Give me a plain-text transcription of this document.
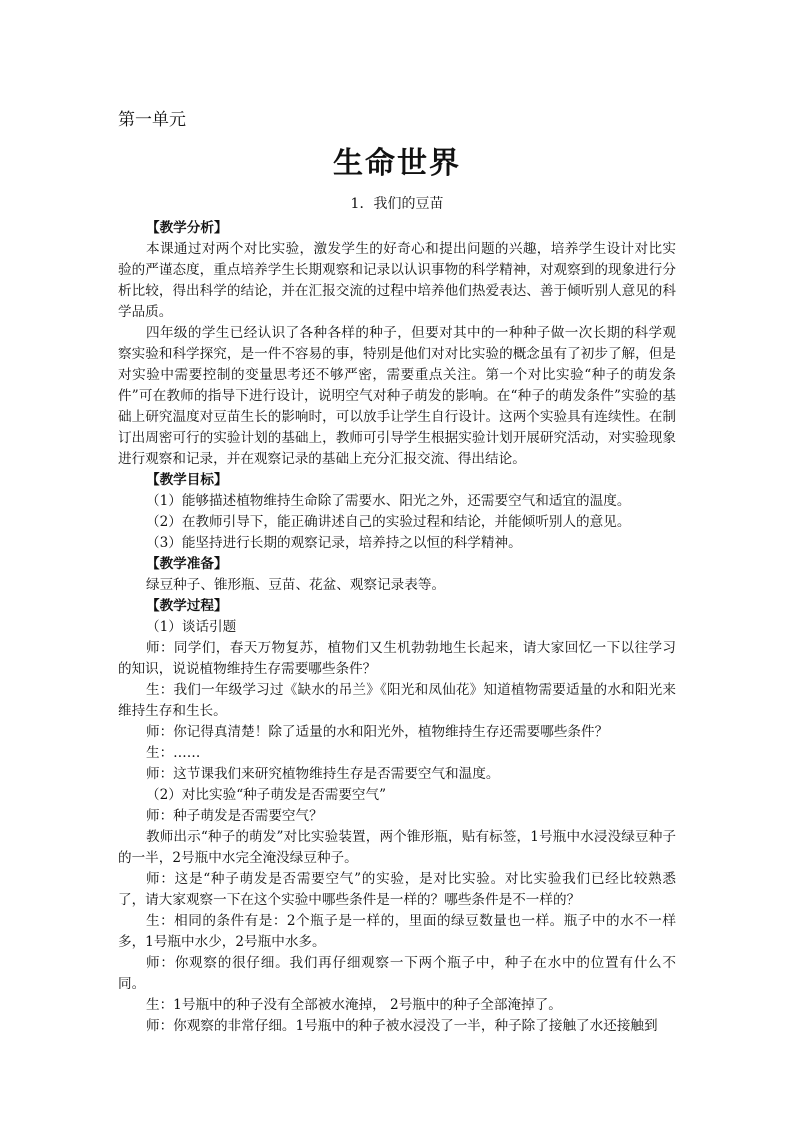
第一单元
生命世界
1．我们的豆苗

【教学分析】

本课通过对两个对比实验，激发学生的好奇心和提出问题的兴趣，培养学生设计对比实验的严谨态度，重点培养学生长期观察和记录以认识事物的科学精神，对观察到的现象进行分析比较，得出科学的结论，并在汇报交流的过程中培养他们热爱表达、善于倾听别人意见的科学品质。

四年级的学生已经认识了各种各样的种子，但要对其中的一种种子做一次长期的科学观察实验和科学探究，是一件不容易的事，特别是他们对对比实验的概念虽有了初步了解，但是对实验中需要控制的变量思考还不够严密，需要重点关注。第一个对比实验“种子的萌发条件”可在教师的指导下进行设计，说明空气对种子萌发的影响。在“种子的萌发条件”实验的基础上研究温度对豆苗生长的影响时，可以放手让学生自行设计。这两个实验具有连续性。在制订出周密可行的实验计划的基础上，教师可引导学生根据实验计划开展研究活动，对实验现象进行观察和记录，并在观察记录的基础上充分汇报交流、得出结论。

【教学目标】

（1）能够描述植物维持生命除了需要水、阳光之外，还需要空气和适宜的温度。

（2）在教师引导下，能正确讲述自己的实验过程和结论，并能倾听别人的意见。

（3）能坚持进行长期的观察记录，培养持之以恒的科学精神。

【教学准备】

绿豆种子、锥形瓶、豆苗、花盆、观察记录表等。

【教学过程】

（1）谈话引题

师：同学们，春天万物复苏，植物们又生机勃勃地生长起来，请大家回忆一下以往学习的知识，说说植物维持生存需要哪些条件？

生：我们一年级学习过《缺水的吊兰》《阳光和凤仙花》知道植物需要适量的水和阳光来维持生存和生长。

师：你记得真清楚！除了适量的水和阳光外，植物维持生存还需要哪些条件？

生：……

师：这节课我们来研究植物维持生存是否需要空气和温度。

（2）对比实验“种子萌发是否需要空气”

师：种子萌发是否需要空气？

教师出示“种子的萌发”对比实验装置，两个锥形瓶，贴有标签，1号瓶中水浸没绿豆种子的一半，2号瓶中水完全淹没绿豆种子。

师：这是“种子萌发是否需要空气”的实验，是对比实验。对比实验我们已经比较熟悉了，请大家观察一下在这个实验中哪些条件是一样的？哪些条件是不一样的？

生：相同的条件有是：2个瓶子是一样的，里面的绿豆数量也一样。瓶子中的水不一样多，1号瓶中水少，2号瓶中水多。

师：你观察的很仔细。我们再仔细观察一下两个瓶子中，种子在水中的位置有什么不同。

生：1号瓶中的种子没有全部被水淹掉， 2号瓶中的种子全部淹掉了。

师：你观察的非常仔细。1号瓶中的种子被水浸没了一半，种子除了接触了水还接触到
